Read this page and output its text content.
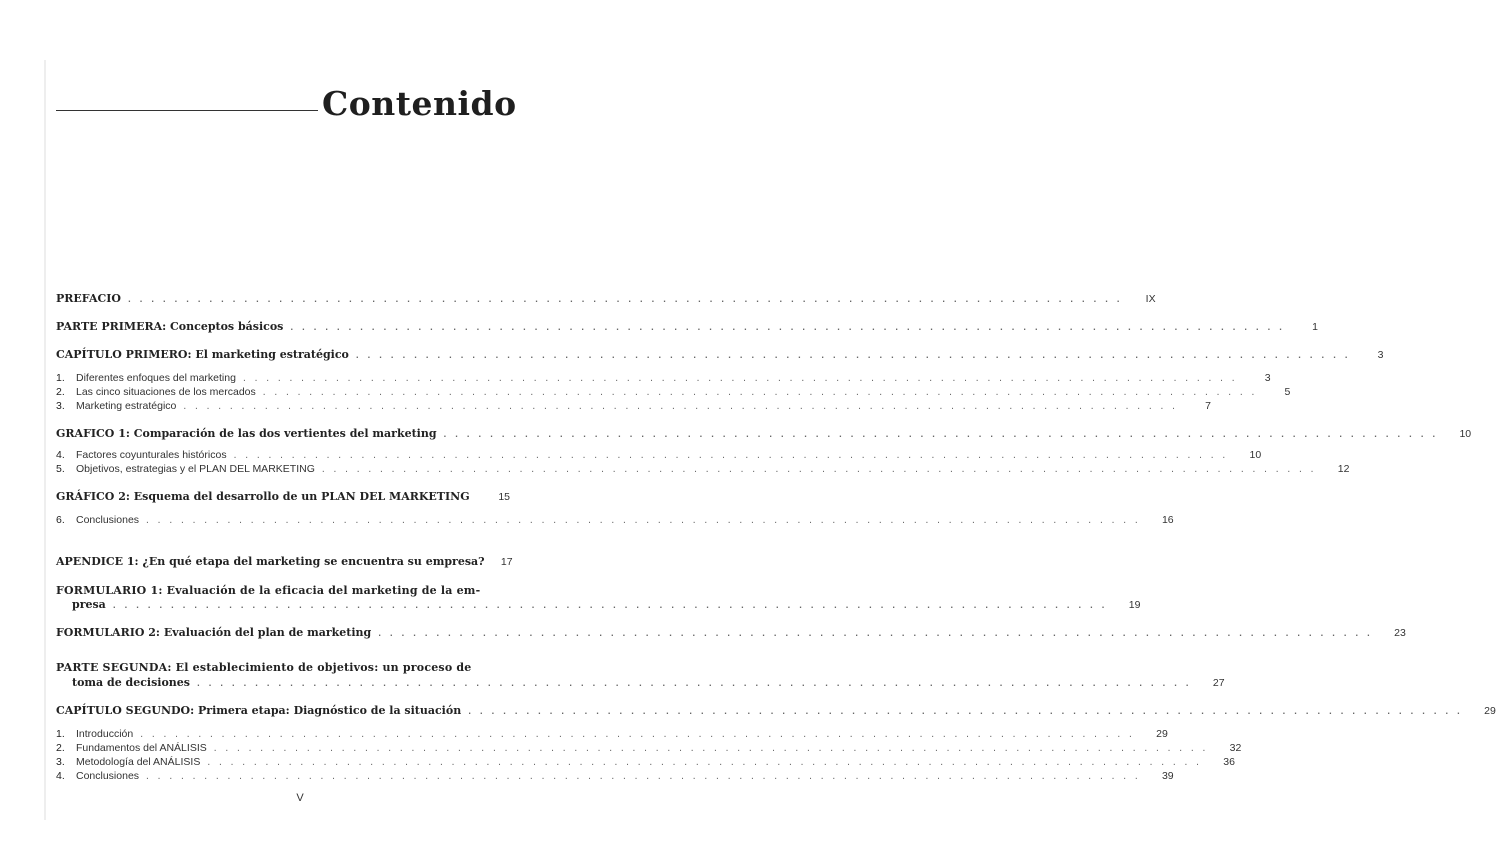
Contenido
PREFACIO . . .	IX
PARTE PRIMERA: Conceptos básicos . . .	1
CAPÍTULO PRIMERO: El marketing estratégico . . .	3
1.	Diferentes enfoques del marketing . . .	3
2.	Las cinco situaciones de los mercados . . .	5
3.	Marketing estratégico . . .	7
GRAFICO 1: Comparación de las dos vertientes del marketing . . .	10
4.	Factores coyunturales históricos . . .	10
5.	Objetivos, estrategias y el PLAN DEL MARKETING . . .	12
GRÁFICO 2: Esquema del desarrollo de un PLAN DEL MARKETING	15
6.	Conclusiones . . .	16
APENDICE 1: ¿En qué etapa del marketing se encuentra su empresa?	17
FORMULARIO 1: Evaluación de la eficacia del marketing de la em-
presa . . .	19
FORMULARIO 2: Evaluación del plan de marketing . . .	23
PARTE SEGUNDA: El establecimiento de objetivos: un proceso de
toma de decisiones . . .	27
CAPÍTULO SEGUNDO: Primera etapa: Diagnóstico de la situación . . .	29
1.	Introducción . . .	29
2.	Fundamentos del ANÁLISIS . . .	32
3.	Metodología del ANÁLISIS . . .	36
4.	Conclusiones . . .	39
V
